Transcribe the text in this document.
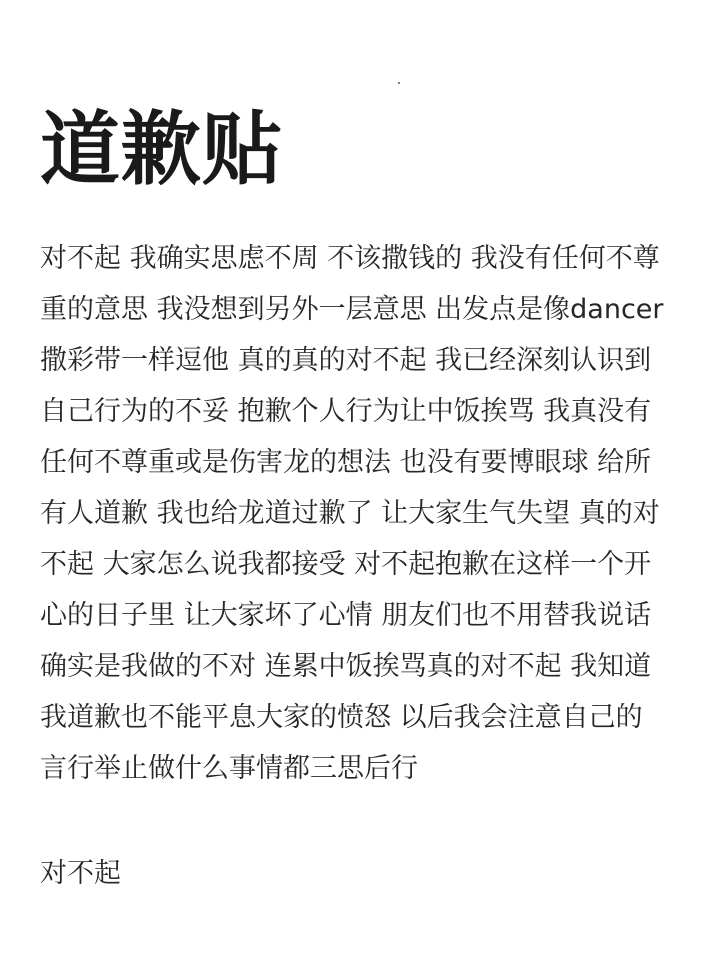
道歉贴

对不起 我确实思虑不周 不该撒钱的 我没有任何不尊重的意思 我没想到另外一层意思 出发点是像dancer撒彩带一样逗他 真的真的对不起 我已经深刻认识到自己行为的不妥 抱歉个人行为让中饭挨骂 我真没有任何不尊重或是伤害龙的想法 也没有要博眼球 给所有人道歉 我也给龙道过歉了 让大家生气失望 真的对不起 大家怎么说我都接受 对不起抱歉在这样一个开心的日子里 让大家坏了心情 朋友们也不用替我说话 确实是我做的不对 连累中饭挨骂真的对不起 我知道我道歉也不能平息大家的愤怒 以后我会注意自己的言行举止做什么事情都三思后行

对不起
